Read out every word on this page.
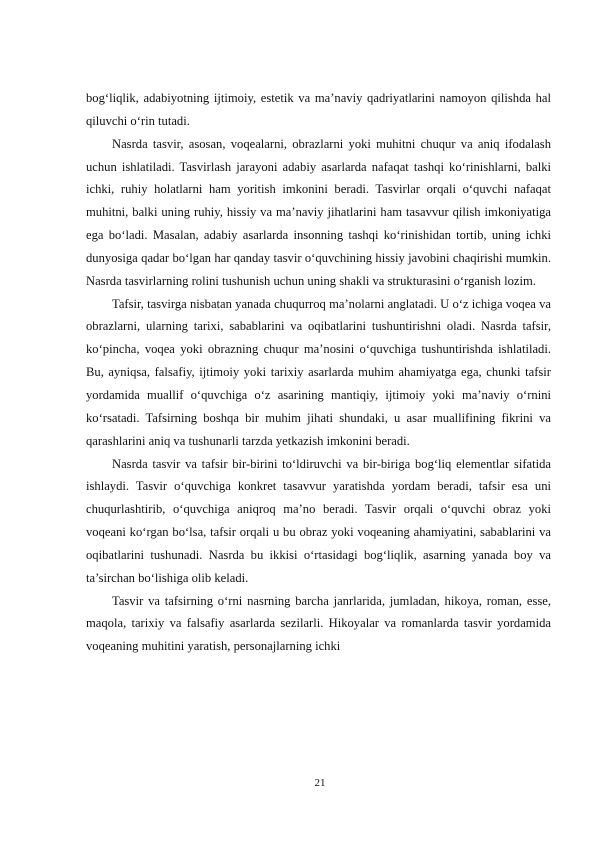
bog‘liqlik, adabiyotning ijtimoiy, estetik va ma’naviy qadriyatlarini namoyon qilishda hal qiluvchi o‘rin tutadi.

Nasrda tasvir, asosan, voqealarni, obrazlarni yoki muhitni chuqur va aniq ifodalash uchun ishlatiladi. Tasvirlash jarayoni adabiy asarlarda nafaqat tashqi ko‘rinishlarni, balki ichki, ruhiy holatlarni ham yoritish imkonini beradi. Tasvirlar orqali o‘quvchi nafaqat muhitni, balki uning ruhiy, hissiy va ma’naviy jihatlarini ham tasavvur qilish imkoniyatiga ega bo‘ladi. Masalan, adabiy asarlarda insonning tashqi ko‘rinishidan tortib, uning ichki dunyosiga qadar bo‘lgan har qanday tasvir o‘quvchining hissiy javobini chaqirishi mumkin. Nasrda tasvirlarning rolini tushunish uchun uning shakli va strukturasini o‘rganish lozim.

Tafsir, tasvirga nisbatan yanada chuqurroq ma’nolarni anglatadi. U o‘z ichiga voqea va obrazlarni, ularning tarixi, sabablarini va oqibatlarini tushuntirishni oladi. Nasrda tafsir, ko‘pincha, voqea yoki obrazning chuqur ma’nosini o‘quvchiga tushuntirishda ishlatiladi. Bu, ayniqsa, falsafiy, ijtimoiy yoki tarixiy asarlarda muhim ahamiyatga ega, chunki tafsir yordamida muallif o‘quvchiga o‘z asarining mantiqiy, ijtimoiy yoki ma’naviy o‘rnini ko‘rsatadi. Tafsirning boshqa bir muhim jihati shundaki, u asar muallifining fikrini va qarashlarini aniq va tushunarli tarzda yetkazish imkonini beradi.

Nasrda tasvir va tafsir bir-birini to‘ldiruvchi va bir-biriga bog‘liq elementlar sifatida ishlaydi. Tasvir o‘quvchiga konkret tasavvur yaratishda yordam beradi, tafsir esa uni chuqurlashtirib, o‘quvchiga aniqroq ma’no beradi. Tasvir orqali o‘quvchi obraz yoki voqeani ko‘rgan bo‘lsa, tafsir orqali u bu obraz yoki voqeaning ahamiyatini, sabablarini va oqibatlarini tushunadi. Nasrda bu ikkisi o‘rtasidagi bog‘liqlik, asarning yanada boy va ta’sirchan bo‘lishiga olib keladi.

Tasvir va tafsirning o‘rni nasrning barcha janrlarida, jumladan, hikoya, roman, esse, maqola, tarixiy va falsafiy asarlarda sezilarli. Hikoyalar va romanlarda tasvir yordamida voqeaning muhitini yaratish, personajlarning ichki

21
